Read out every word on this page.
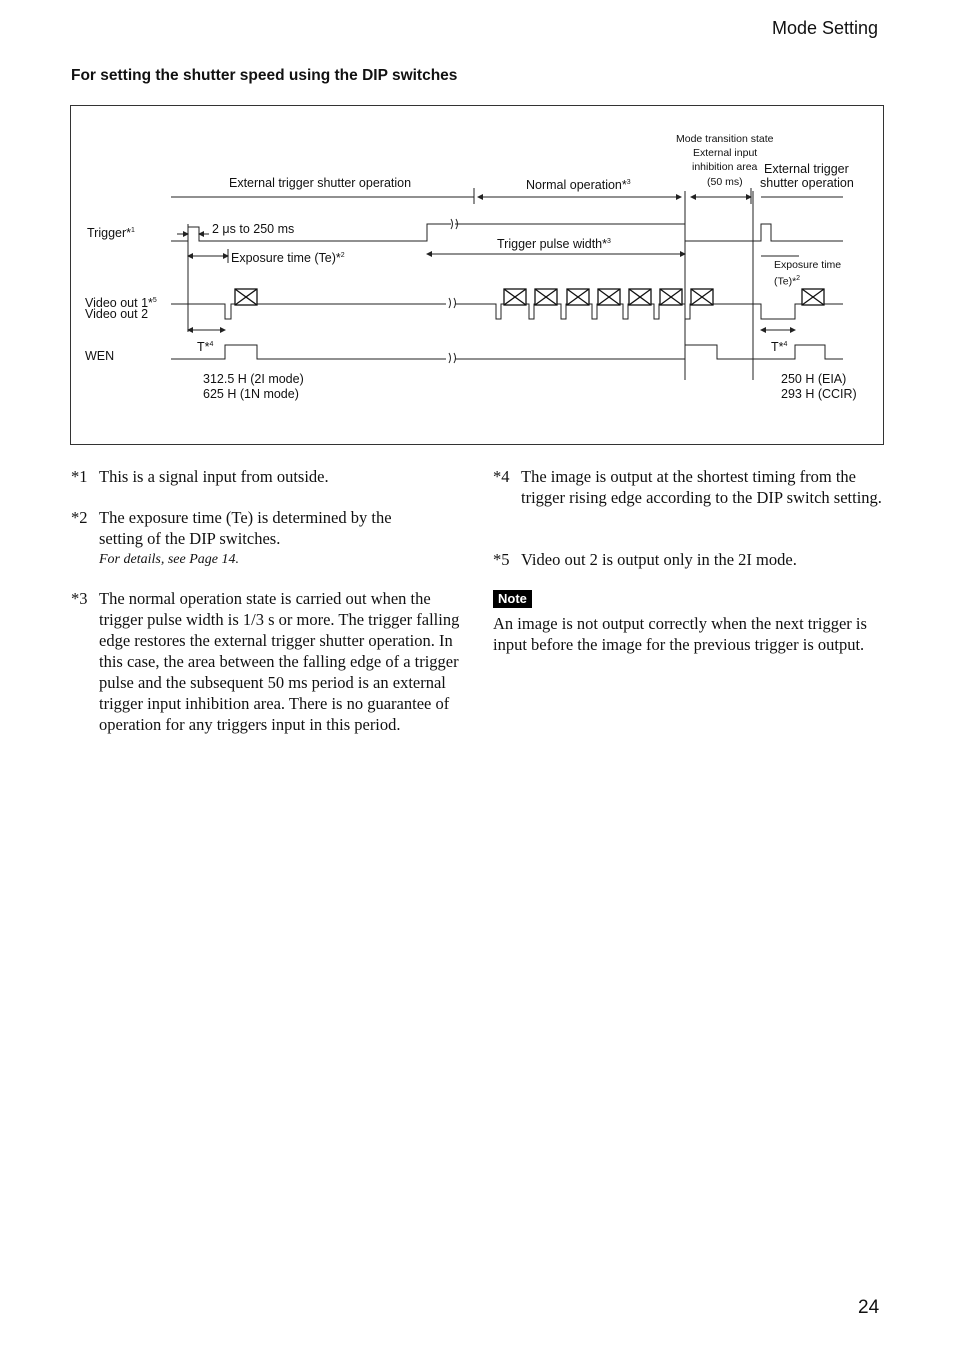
Mode Setting
For setting the shutter speed using the DIP switches
External trigger shutter operation	Normal operation*$^3$
Mode transition state
External input
inhibition area
(50 ms)
External trigger
shutter operation
Trigger*$^1$	2 μs to 250 ms
Exposure time (Te)*$^2$
Trigger pulse width*$^3$
Exposure time
(Te)*$^2$
Video out 1*$^5$
Video out 2
T*$^4$	T*$^4$
WEN
312.5 H (2I mode)
625 H (1N mode)
250 H (EIA)
293 H (CCIR)
*1 This is a signal input from outside.
*2 The exposure time (Te) is determined by the setting of the DIP switches.
For details, see Page 14.
*3 The normal operation state is carried out when the trigger pulse width is 1/3 s or more. The trigger falling edge restores the external trigger shutter operation. In this case, the area between the falling edge of a trigger pulse and the subsequent 50 ms period is an external trigger input inhibition area. There is no guarantee of operation for any triggers input in this period.
*4 The image is output at the shortest timing from the trigger rising edge according to the DIP switch setting.
*5 Video out 2 is output only in the 2I mode.
Note
An image is not output correctly when the next trigger is input before the image for the previous trigger is output.
24
